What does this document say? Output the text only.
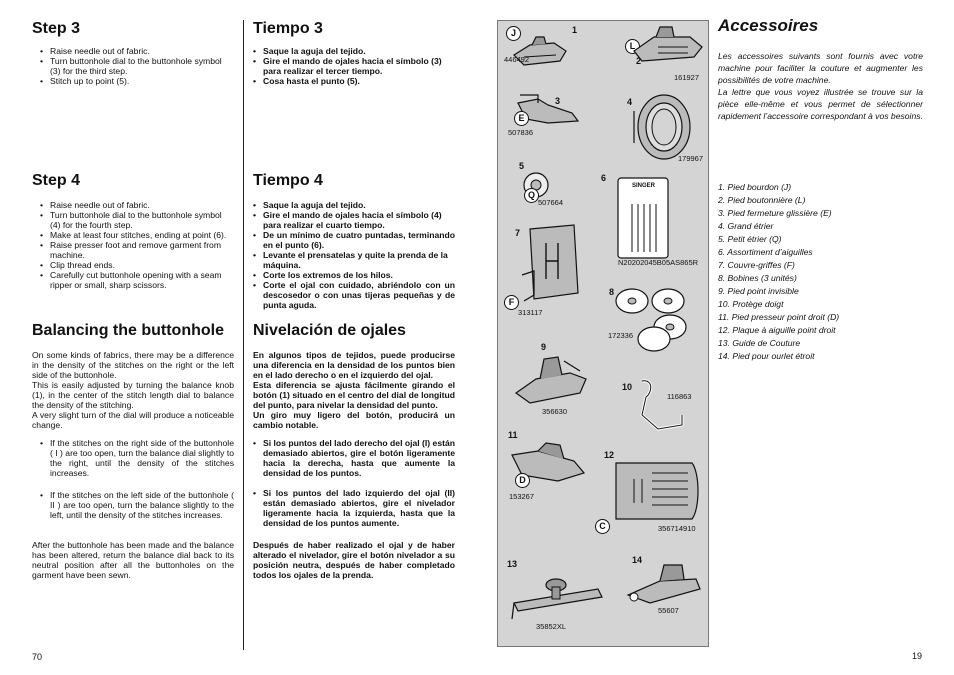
Step 3
• Raise needle out of fabric.
• Turn buttonhole dial to the buttonhole symbol (3) for the third step.
• Stitch up to point (5).
Step 4
• Raise needle out of fabric.
• Turn buttonhole dial to the buttonhole symbol (4) for the fourth step.
• Make at least four stitches, ending at point (6).
• Raise presser foot and remove garment from machine.
• Clip thread ends.
• Carefully cut buttonhole opening with a seam ripper or small, sharp scissors.
Balancing the buttonhole

On some kinds of fabrics, there may be a difference in the density of the stitches on the right or the left side of the buttonhole.

This is easily adjusted by turning the balance knob (1), in the center of the stitch length dial to balance the density of the stitching.

A very slight turn of the dial will produce a noticeable change.

• If the stitches on the right side of the buttonhole ( I ) are too open, turn the balance dial slightly to the right, until the density of the stitches increases.
• If the stitches on the left side of the buttonhole ( II ) are too open, turn the balance slightly to the left, until the density of the stitches increases.

After the buttonhole has been made and the balance has been altered, return the balance dial back to its neutral position after all the buttonholes on the garment have been sewn.

70
Tiempo 3
• Saque la aguja del tejido.
• Gire el mando de ojales hacia el símbolo (3) para realizar el tercer tiempo.
• Cosa hasta el punto (5).
Tiempo 4
• Saque la aguja del tejido.
• Gire el mando de ojales hacia el símbolo (4) para realizar el cuarto tiempo.
• De un mínimo de cuatro puntadas, terminando en el punto (6).
• Levante el prensatelas y quite la prenda de la máquina.
• Corte los extremos de los hilos.
• Corte el ojal con cuidado, abriéndolo con un descosedor o con unas tijeras pequeñas y de punta aguda.
Nivelación de ojales

En algunos tipos de tejidos, puede producirse una diferencia en la densidad de los puntos bien en el lado derecho o en el izquierdo del ojal.

Esta diferencia se ajusta fácilmente girando el botón (1) situado en el centro del dial de longitud del punto, para nivelar la densidad del punto.

Un giro muy ligero del botón, producirá un cambio notable.

• Si los puntos del lado derecho del ojal (I) están demasiado abiertos, gire el botón ligeramente hacia la derecha, hasta que aumente la densidad de los puntos.
• Si los puntos del lado izquierdo del ojal (II) están demasiado abiertos, gire el nivelador ligeramente hacia la izquierda, hasta que la densidad de los puntos aumente.

Después de haber realizado el ojal y de haber alterado el nivelador, gire el botón nivelador a su posición neutra, después de haber completado todos los ojales de la prenda.

J	1
446492
L
2
161927
3
E
507836
4
179967
5
Q
507664
6
SINGER
N20202045B05AS865R
7
F
313117
8
172336
9
356630
10
116863
11
D
153267
12
C	356714910
13
35852XL
14
55607
Accessoires

Les accessoires suivants sont fournis avec votre machine pour faciliter la couture et augmenter les possibilités de votre machine.

La lettre que vous voyez illustrée se trouve sur la pièce elle-même et vous permet de sélectionner rapidement l’accessoire correspondant à vos besoins.

1. Pied bourdon (J)
2. Pied boutonnière (L)
3. Pied fermeture glissière (E)
4. Grand étrier
5. Petit étrier (Q)
6. Assortiment d’aiguilles
7. Couvre-griffes (F)
8. Bobines (3 unités)
9. Pied point invisible
10. Protège doigt
11. Pied presseur point droit (D)
12. Plaque à aiguille point droit
13. Guide de Couture
14. Pied pour ourlet étroit
19
